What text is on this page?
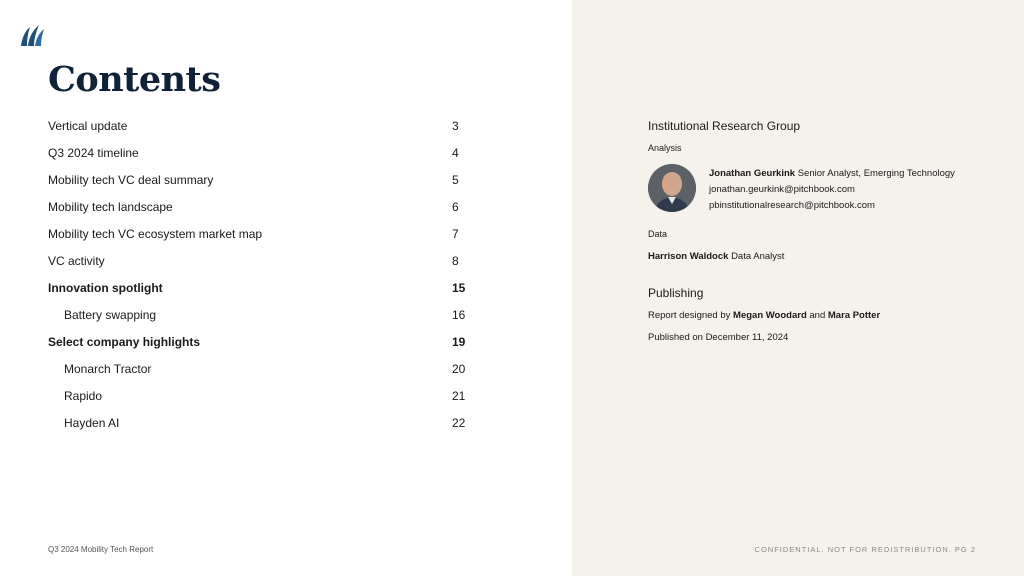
Contents
Vertical update	3
Q3 2024 timeline	4
Mobility tech VC deal summary	5
Mobility tech landscape	6
Mobility tech VC ecosystem market map	7
VC activity	8
Innovation spotlight	15
Battery swapping	16
Select company highlights	19
Monarch Tractor	20
Rapido	21
Hayden AI	22
Institutional Research Group
Analysis
Jonathan Geurkink Senior Analyst, Emerging Technology
jonathan.geurkink@pitchbook.com
pbinstitutionalresearch@pitchbook.com
Data
Harrison Waldock Data Analyst
Publishing
Report designed by Megan Woodard and Mara Potter
Published on December 11, 2024
Q3 2024 Mobility Tech Report	CONFIDENTIAL. NOT FOR REDISTRIBUTION. PG 2
